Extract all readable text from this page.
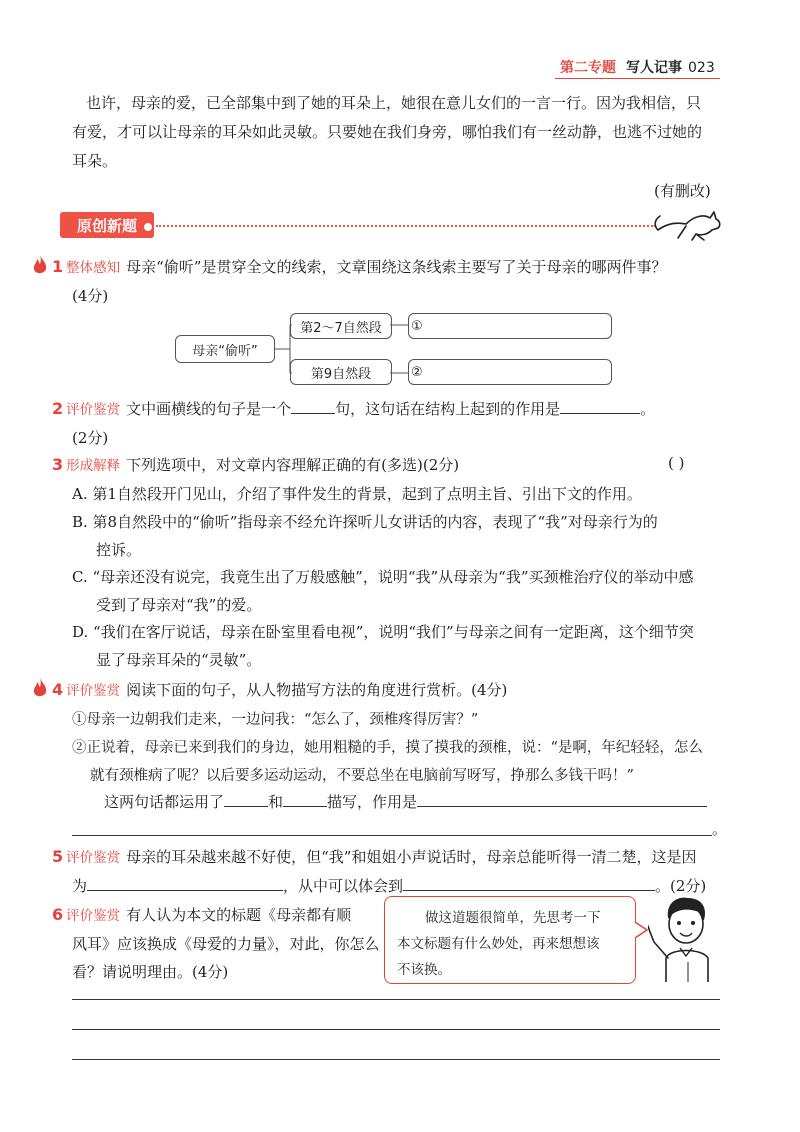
第二专题 写人记事 023
也许，母亲的爱，已全部集中到了她的耳朵上，她很在意儿女们的一言一行。因为我相信，只
有爱，才可以让母亲的耳朵如此灵敏。只要她在我们身旁，哪怕我们有一丝动静，也逃不过她的
耳朵。
(有删改)
原创新题
1 整体感知 母亲“偷听”是贯穿全文的线索，文章围绕这条线索主要写了关于母亲的哪两件事？
(4分)
母亲“偷听”
第2～7自然段 ①
第9自然段	②
2 评价鉴赏 文中画横线的句子是一个	句，这句话在结构上起到的作用是	。
(2分)
3 形成解释 下列选项中，对文章内容理解正确的有(多选)(2分)	( )
A. 第1自然段开门见山，介绍了事件发生的背景，起到了点明主旨、引出下文的作用。
B. 第8自然段中的“偷听”指母亲不经允许探听儿女讲话的内容，表现了“我”对母亲行为的
控诉。
C. “母亲还没有说完，我竟生出了万般感触”，说明“我”从母亲为“我”买颈椎治疗仪的举动中感
受到了母亲对“我”的爱。
D. “我们在客厅说话，母亲在卧室里看电视”，说明“我们”与母亲之间有一定距离，这个细节突
显了母亲耳朵的“灵敏”。
4 评价鉴赏 阅读下面的句子，从人物描写方法的角度进行赏析。(4分)
①母亲一边朝我们走来，一边问我：“怎么了，颈椎疼得厉害？”
②正说着，母亲已来到我们的身边，她用粗糙的手，摸了摸我的颈椎，说：“是啊，年纪轻轻，怎么
就有颈椎病了呢？以后要多运动运动，不要总坐在电脑前写呀写，挣那么多钱干吗！”
这两句话都运用了	和	描写，作用是
。
5 评价鉴赏 母亲的耳朵越来越不好使，但“我”和姐姐小声说话时，母亲总能听得一清二楚，这是因
为	，从中可以体会到	。(2分)
6 评价鉴赏 有人认为本文的标题《母亲都有顺
风耳》应该换成《母爱的力量》，对此，你怎么
看？请说明理由。(4分)
做这道题很简单，先思考一下
本文标题有什么妙处，再来想想该
不该换。
